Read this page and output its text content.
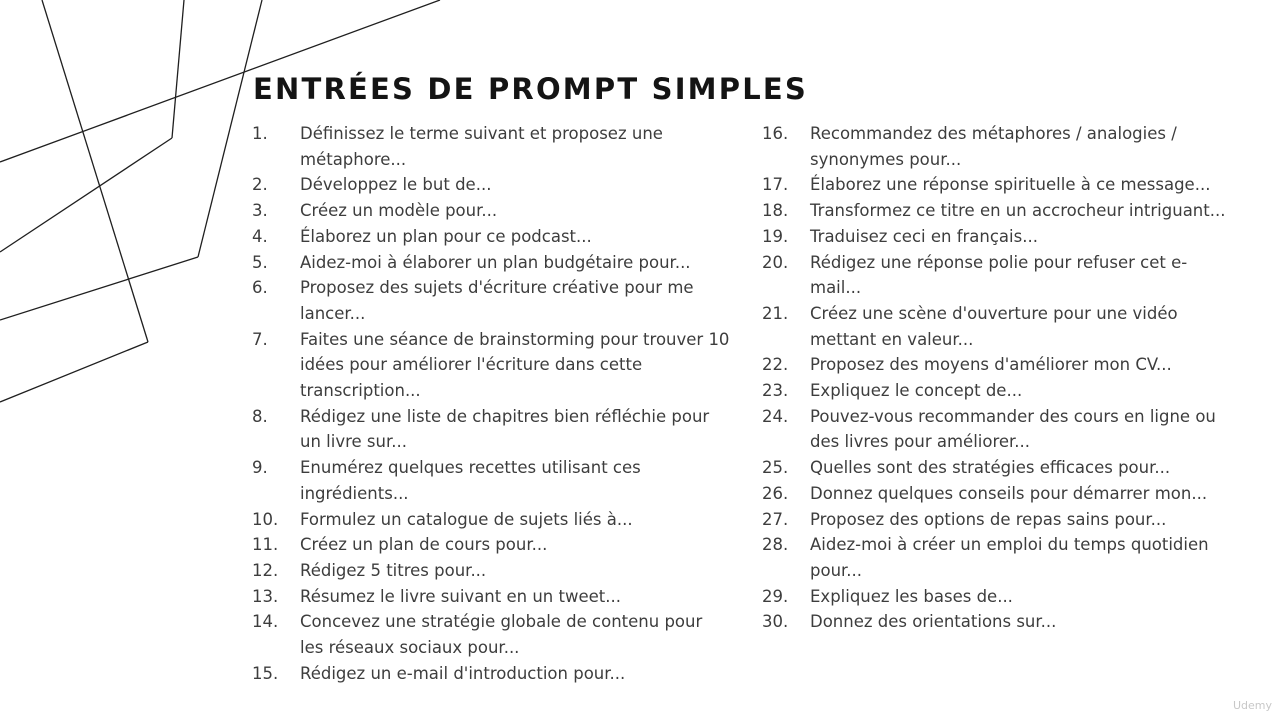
ENTRÉES DE PROMPT SIMPLES
1.	Définissez le terme suivant et proposez une métaphore...
2.	Développez le but de...
3.	Créez un modèle pour...
4.	Élaborez un plan pour ce podcast...
5.	Aidez-moi à élaborer un plan budgétaire pour...
6.	Proposez des sujets d'écriture créative pour me lancer...
7.	Faites une séance de brainstorming pour trouver 10 idées pour améliorer l'écriture dans cette transcription...
8.	Rédigez une liste de chapitres bien réfléchie pour un livre sur...
9.	Enumérez quelques recettes utilisant ces ingrédients...
10.	Formulez un catalogue de sujets liés à...
11.	Créez un plan de cours pour...
12.	Rédigez 5 titres pour...
13.	Résumez le livre suivant en un tweet...
14.	Concevez une stratégie globale de contenu pour les réseaux sociaux pour...
15.	Rédigez un e-mail d'introduction pour...
16.	Recommandez des métaphores / analogies / synonymes pour...
17.	Élaborez une réponse spirituelle à ce message...
18.	Transformez ce titre en un accrocheur intriguant...
19.	Traduisez ceci en français...
20.	Rédigez une réponse polie pour refuser cet e-mail...
21.	Créez une scène d'ouverture pour une vidéo mettant en valeur...
22.	Proposez des moyens d'améliorer mon CV...
23.	Expliquez le concept de...
24.	Pouvez-vous recommander des cours en ligne ou des livres pour améliorer...
25.	Quelles sont des stratégies efficaces pour...
26.	Donnez quelques conseils pour démarrer mon...
27.	Proposez des options de repas sains pour...
28.	Aidez-moi à créer un emploi du temps quotidien pour...
29.	Expliquez les bases de...
30.	Donnez des orientations sur...
Udemy
